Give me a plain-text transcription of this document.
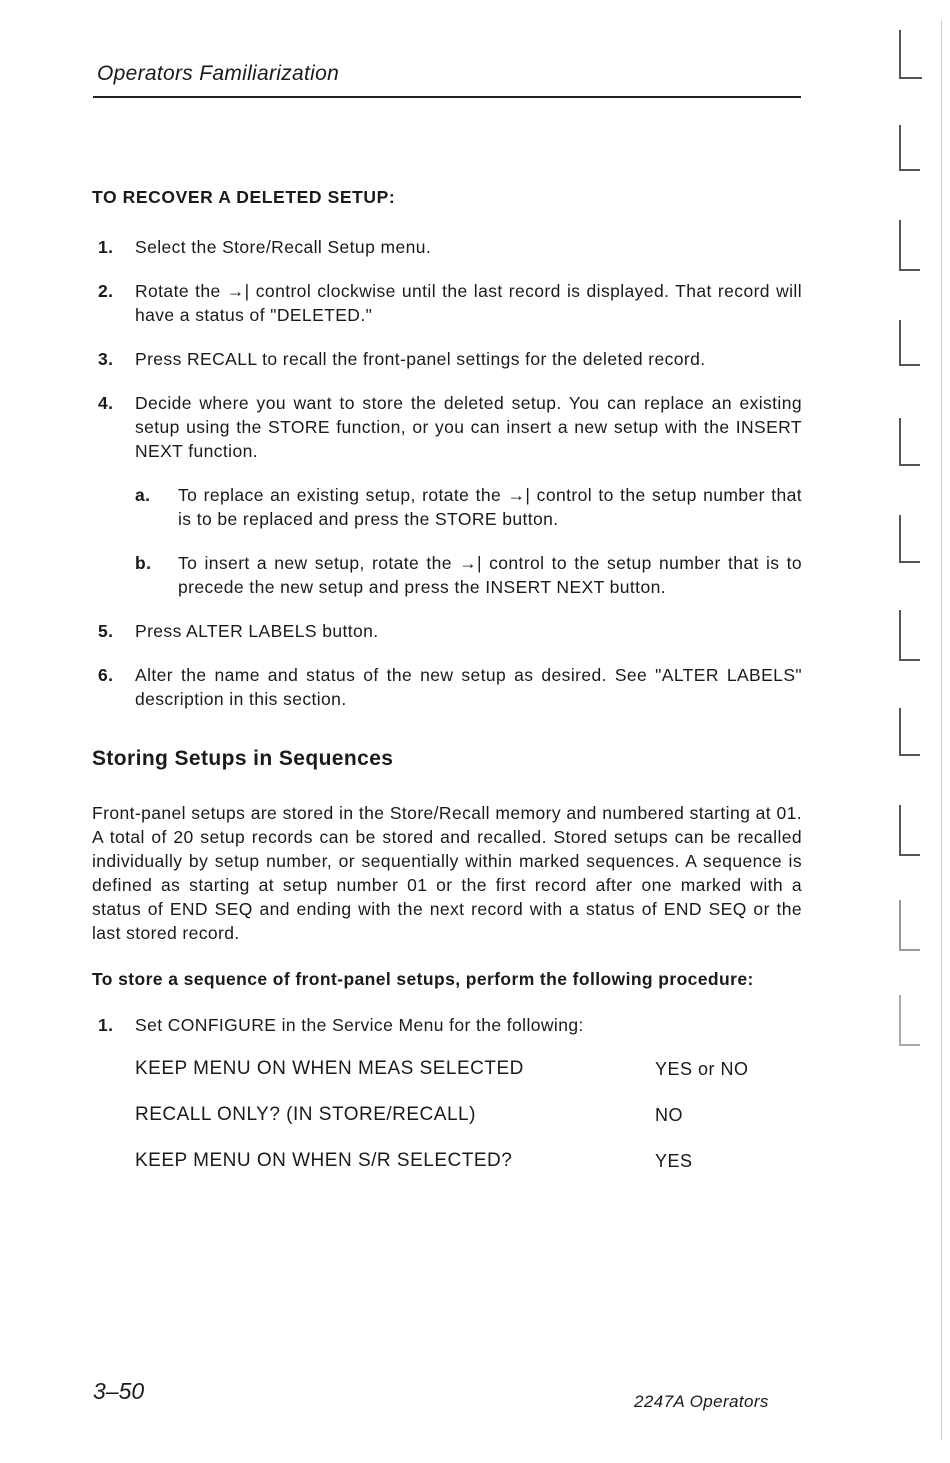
Operators Familiarization
TO RECOVER A DELETED SETUP:
1.	Select the Store/Recall Setup menu.
2.	Rotate the →| control clockwise until the last record is displayed. That record will have a status of "DELETED."
3.	Press RECALL to recall the front-panel settings for the deleted record.
4.	Decide where you want to store the deleted setup. You can replace an existing setup using the STORE function, or you can insert a new setup with the INSERT NEXT function.
a.	To replace an existing setup, rotate the →| control to the setup number that is to be replaced and press the STORE button.
b.	To insert a new setup, rotate the →| control to the setup number that is to precede the new setup and press the INSERT NEXT button.
5.	Press ALTER LABELS button.
6.	Alter the name and status of the new setup as desired. See "ALTER LABELS" description in this section.
Storing Setups in Sequences
Front-panel setups are stored in the Store/Recall memory and numbered starting at 01. A total of 20 setup records can be stored and recalled. Stored setups can be recalled individually by setup number, or sequentially within marked sequences. A sequence is defined as starting at setup number 01 or the first record after one marked with a status of END SEQ and ending with the next record with a status of END SEQ or the last stored record.
To store a sequence of front-panel setups, perform the following procedure:
1.	Set CONFIGURE in the Service Menu for the following:
KEEP MENU ON WHEN MEAS SELECTED	YES or NO
RECALL ONLY? (IN STORE/RECALL)	NO
KEEP MENU ON WHEN S/R SELECTED?	YES
3–50	2247A Operators
